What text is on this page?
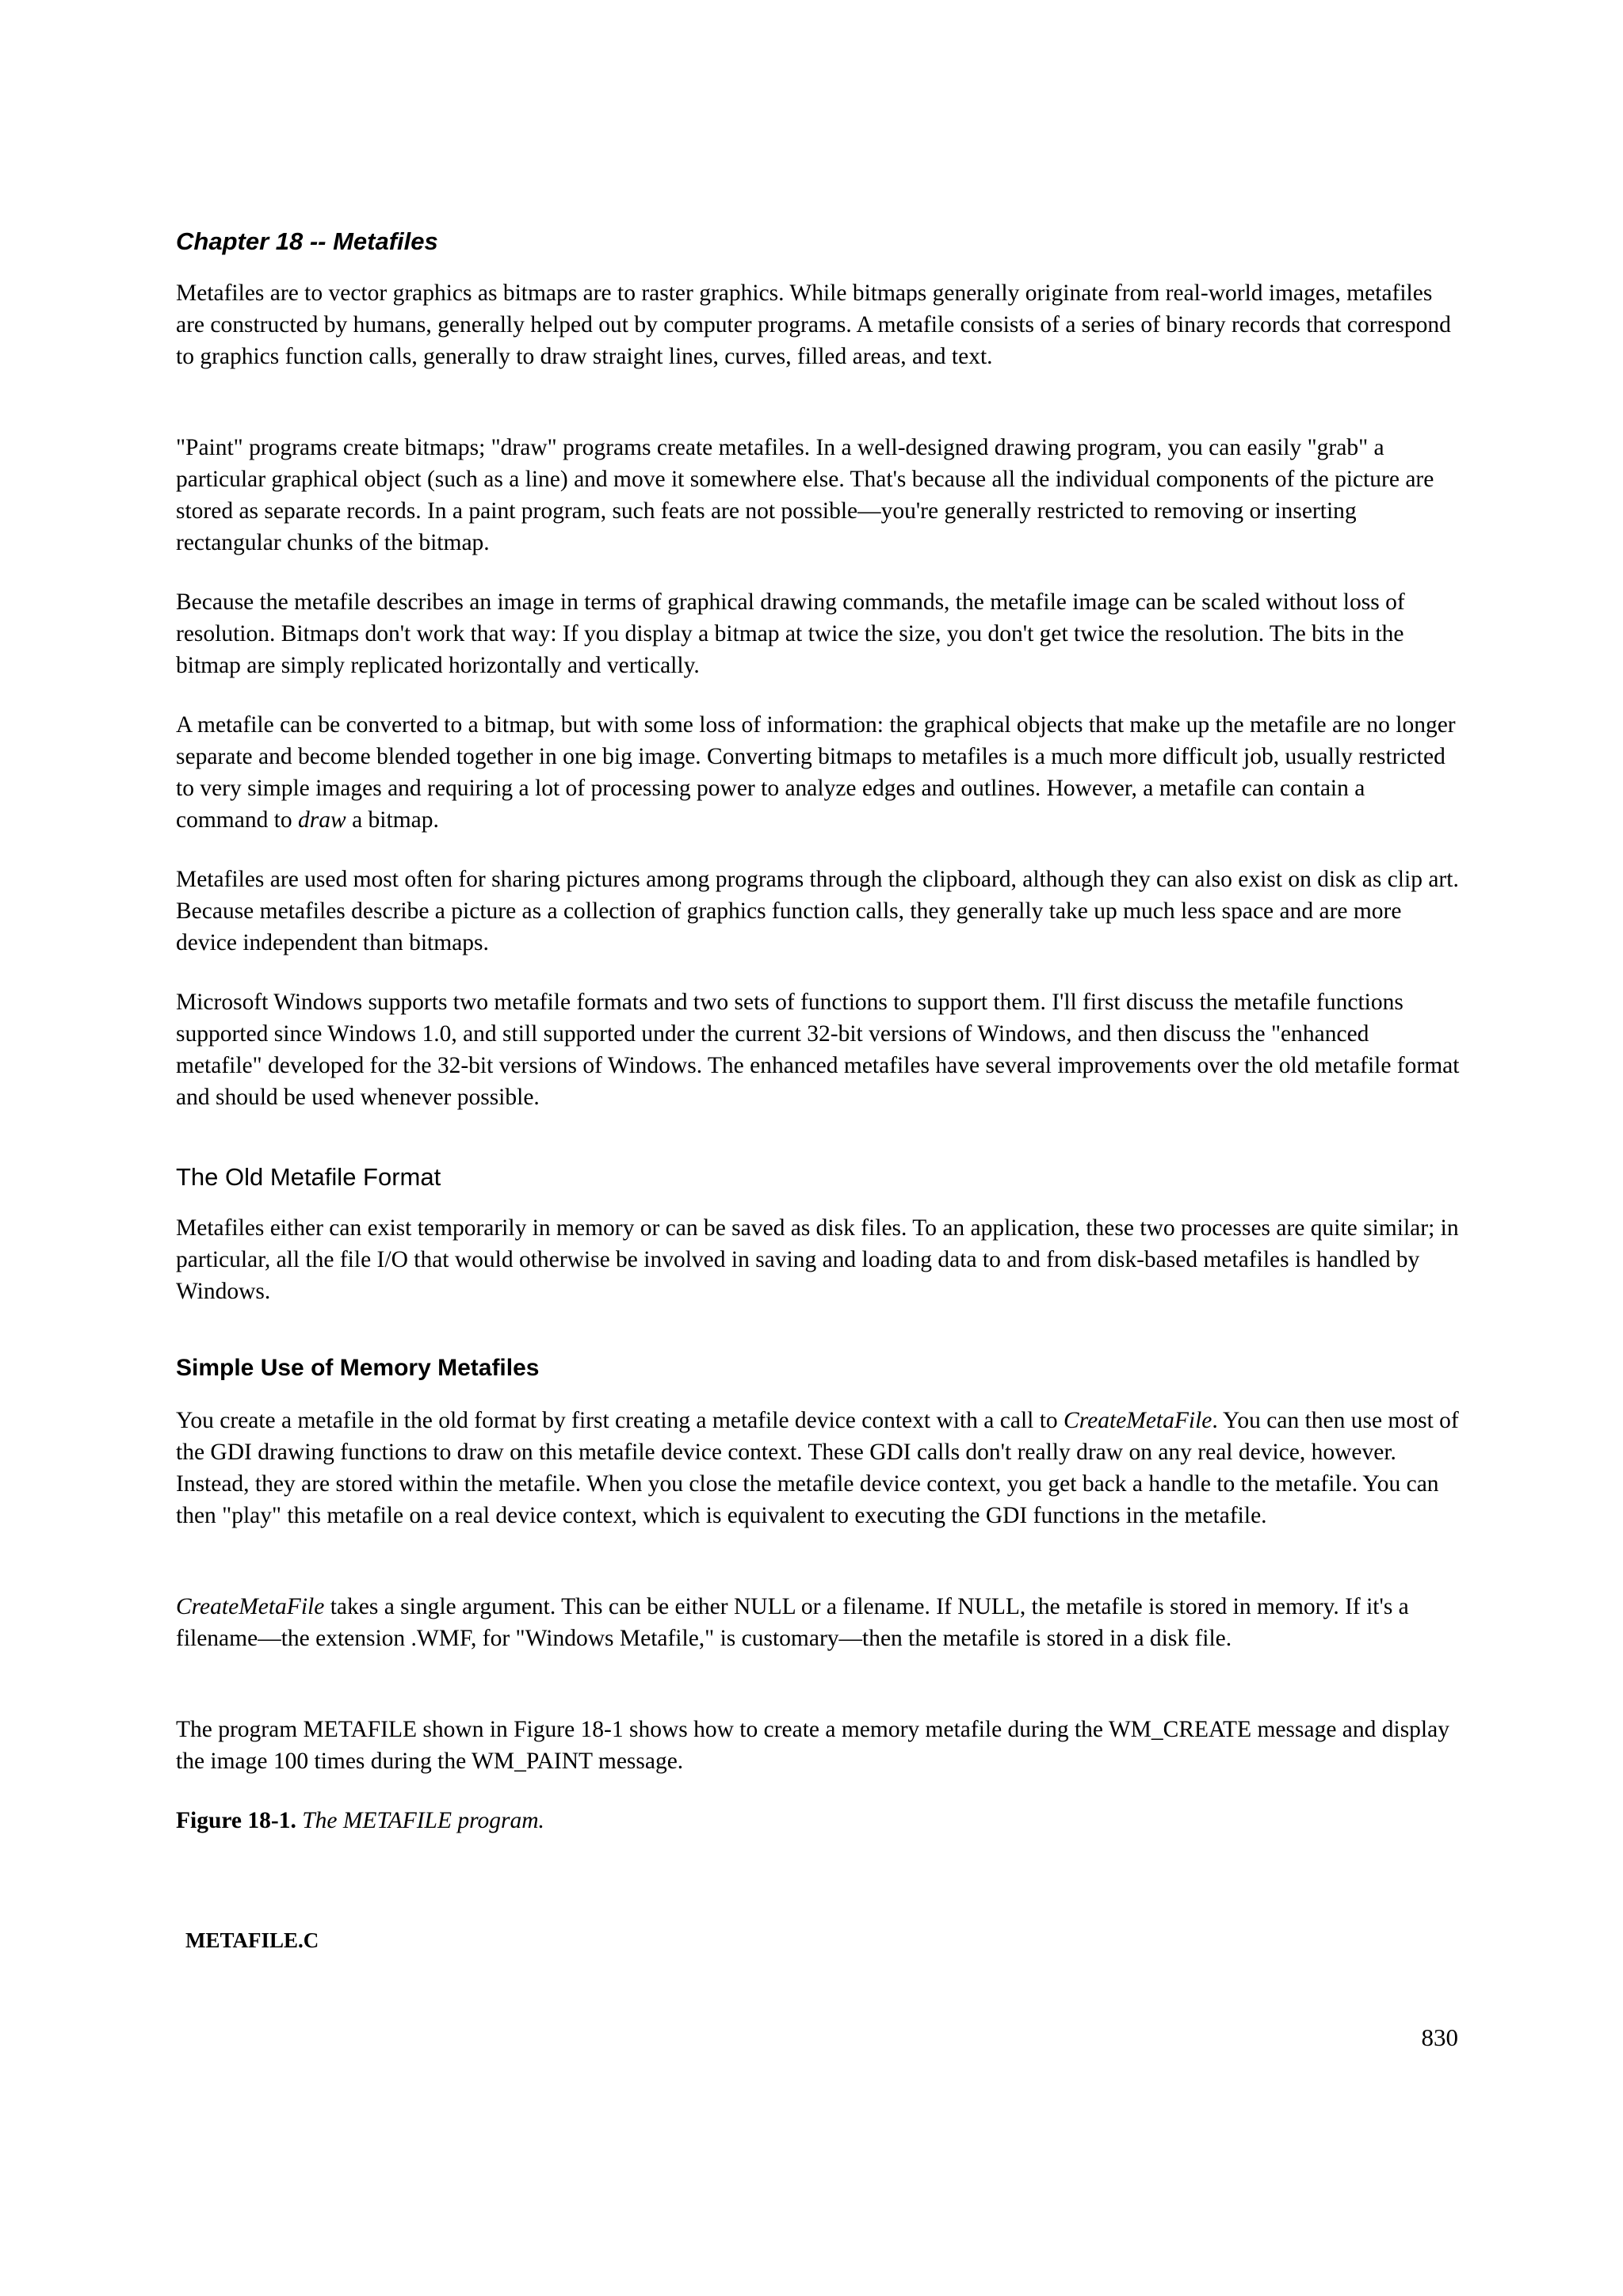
Chapter 18 -- Metafiles

Metafiles are to vector graphics as bitmaps are to raster graphics. While bitmaps generally originate from real-world images, metafiles are constructed by humans, generally helped out by computer programs. A metafile consists of a series of binary records that correspond to graphics function calls, generally to draw straight lines, curves, filled areas, and text.

"Paint" programs create bitmaps; "draw" programs create metafiles. In a well-designed drawing program, you can easily "grab" a particular graphical object (such as a line) and move it somewhere else. That's because all the individual components of the picture are stored as separate records. In a paint program, such feats are not possible—you're generally restricted to removing or inserting rectangular chunks of the bitmap.

Because the metafile describes an image in terms of graphical drawing commands, the metafile image can be scaled without loss of resolution. Bitmaps don't work that way: If you display a bitmap at twice the size, you don't get twice the resolution. The bits in the bitmap are simply replicated horizontally and vertically.

A metafile can be converted to a bitmap, but with some loss of information: the graphical objects that make up the metafile are no longer separate and become blended together in one big image. Converting bitmaps to metafiles is a much more difficult job, usually restricted to very simple images and requiring a lot of processing power to analyze edges and outlines. However, a metafile can contain a command to draw a bitmap.

Metafiles are used most often for sharing pictures among programs through the clipboard, although they can also exist on disk as clip art. Because metafiles describe a picture as a collection of graphics function calls, they generally take up much less space and are more device independent than bitmaps.

Microsoft Windows supports two metafile formats and two sets of functions to support them. I'll first discuss the metafile functions supported since Windows 1.0, and still supported under the current 32-bit versions of Windows, and then discuss the "enhanced metafile" developed for the 32-bit versions of Windows. The enhanced metafiles have several improvements over the old metafile format and should be used whenever possible.

The Old Metafile Format

Metafiles either can exist temporarily in memory or can be saved as disk files. To an application, these two processes are quite similar; in particular, all the file I/O that would otherwise be involved in saving and loading data to and from disk-based metafiles is handled by Windows.

Simple Use of Memory Metafiles

You create a metafile in the old format by first creating a metafile device context with a call to CreateMetaFile. You can then use most of the GDI drawing functions to draw on this metafile device context. These GDI calls don't really draw on any real device, however. Instead, they are stored within the metafile. When you close the metafile device context, you get back a handle to the metafile. You can then "play" this metafile on a real device context, which is equivalent to executing the GDI functions in the metafile.

CreateMetaFile takes a single argument. This can be either NULL or a filename. If NULL, the metafile is stored in memory. If it's a filename—the extension .WMF, for "Windows Metafile," is customary—then the metafile is stored in a disk file.

The program METAFILE shown in Figure 18-1 shows how to create a memory metafile during the WM_CREATE message and display the image 100 times during the WM_PAINT message.

Figure 18-1. The METAFILE program.

METAFILE.C

830
